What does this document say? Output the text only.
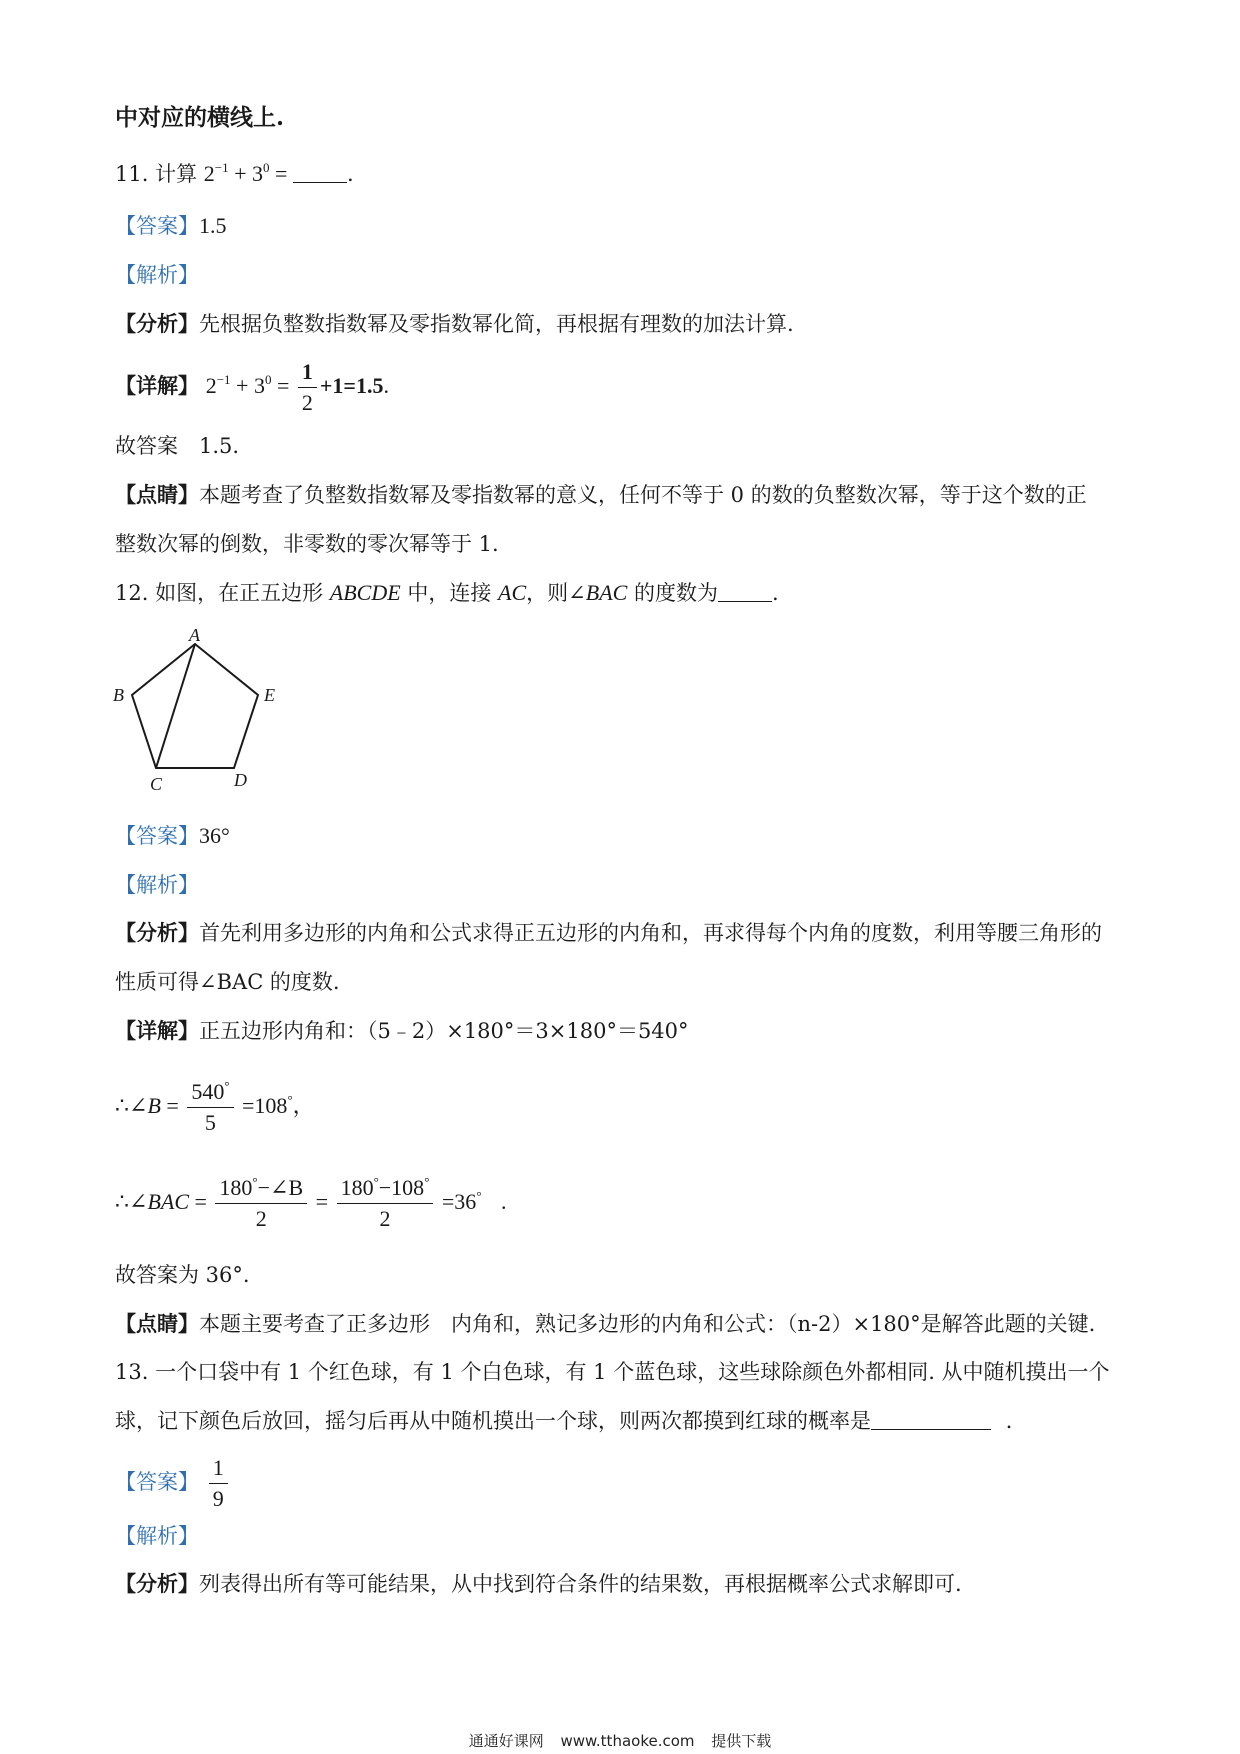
中对应的横线上.
11. 计算 $2^{-1} + 3^0$ =	.
【答案】1.5
【解析】
【分析】先根据负整数指数幂及零指数幂化简，再根据有理数的加法计算.
【详解】 $2^{-1} + 3^0 = \frac{1}{2} +1=1.5$.
故答案　1.5.
【点睛】本题考查了负整数指数幂及零指数幂的意义，任何不等于 0 的数的负整数次幂，等于这个数的正
整数次幂的倒数，非零数的零次幂等于 1.
12. 如图，在正五边形 ABCDE 中，连接 AC，则∠BAC 的度数为	.
A
B
C	D
E
【答案】36°
【解析】
【分析】首先利用多边形的内角和公式求得正五边形的内角和，再求得每个内角的度数，利用等腰三角形的
性质可得∠BAC 的度数.
【详解】正五边形内角和：（5﹣2）×180°＝3×180°＝540°
∴∠B = $\frac{540^\circ}{5} =108^\circ$，
∴∠BAC = $\frac{180^\circ-\angle B}{2} = \frac{180^\circ-108^\circ}{2} =36^\circ$ .
故答案为 36°.
【点睛】本题主要考查了正多边形　内角和，熟记多边形的内角和公式：（n-2）×180°是解答此题的关键.
13. 一个口袋中有 1 个红色球，有 1 个白色球，有 1 个蓝色球，这些球除颜色外都相同. 从中随机摸出一个
球，记下颜色后放回，摇匀后再从中随机摸出一个球，则两次都摸到红球的概率是	．
【答案】 $\frac{1}{9}$
【解析】
【分析】列表得出所有等可能结果，从中找到符合条件的结果数，再根据概率公式求解即可.
通通好课网 www.tthaoke.com 提供下载
